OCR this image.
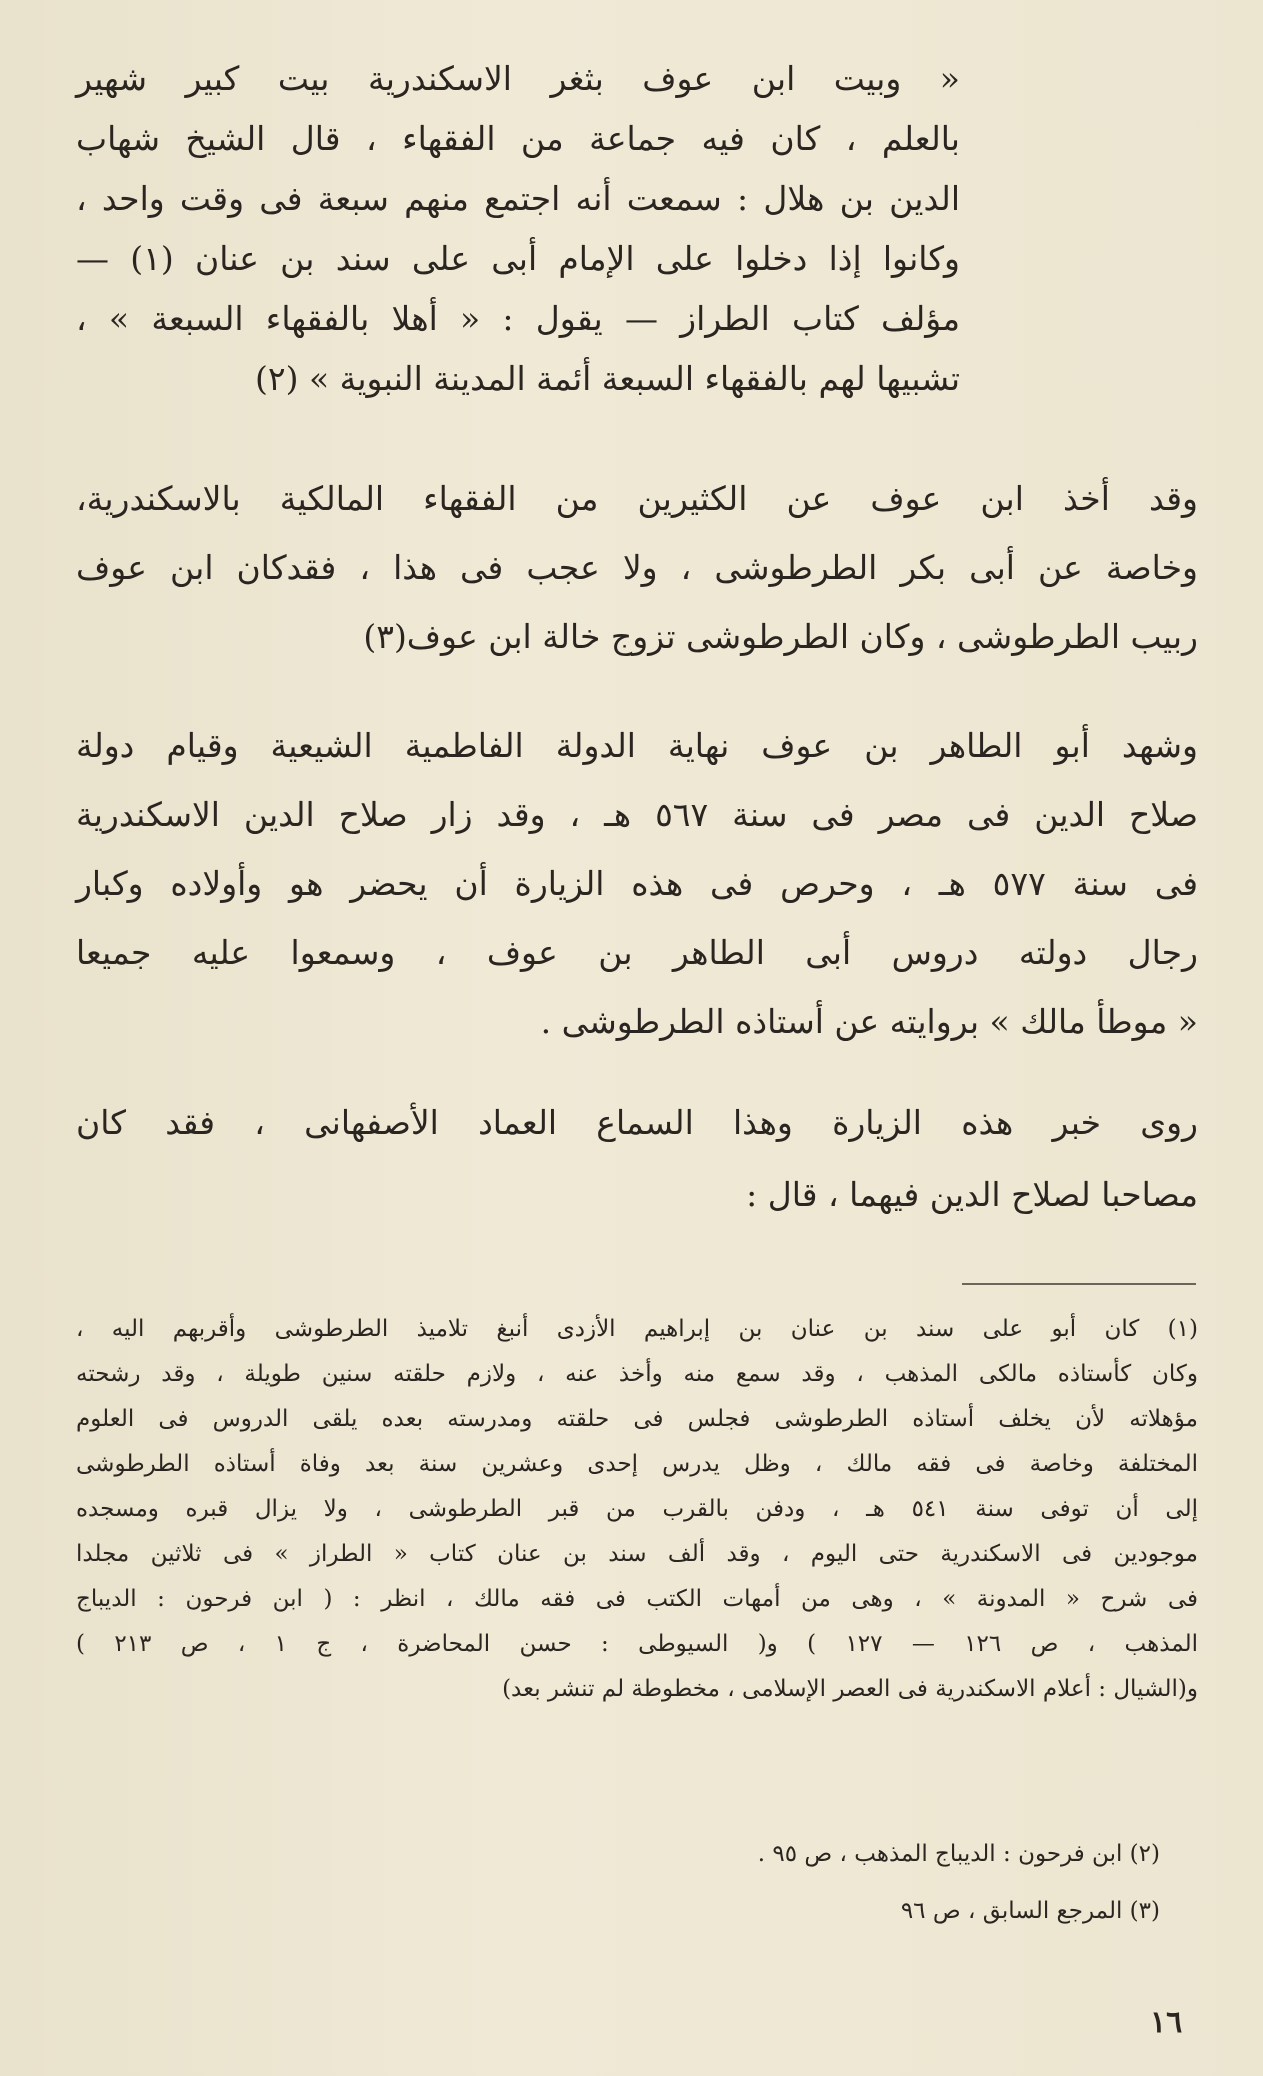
« وبيت ابن عوف بثغر الاسكندرية بيت كبير شهير
بالعلم ، كان فيه جماعة من الفقهاء ، قال الشيخ شهاب
الدين بن هلال : سمعت أنه اجتمع منهم سبعة فى وقت واحد ،
وكانوا إذا دخلوا على الإمام أبى على سند بن عنان (١) —
مؤلف كتاب الطراز — يقول : « أهلا بالفقهاء السبعة » ،
تشبيها لهم بالفقهاء السبعة أئمة المدينة النبوية » (٢)
وقد أخذ ابن عوف عن الكثيرين من الفقهاء المالكية بالاسكندرية،
وخاصة عن أبى بكر الطرطوشى ، ولا عجب فى هذا ، فقدكان ابن عوف
ربيب الطرطوشى ، وكان الطرطوشى تزوج خالة ابن عوف(٣)
وشهد أبو الطاهر بن عوف نهاية الدولة الفاطمية الشيعية وقيام دولة
صلاح الدين فى مصر فى سنة ٥٦٧ هـ ، وقد زار صلاح الدين الاسكندرية
فى سنة ٥٧٧ هـ ، وحرص فى هذه الزيارة أن يحضر هو وأولاده وكبار
رجال دولته دروس أبى الطاهر بن عوف ، وسمعوا عليه جميعا
« موطأ مالك » بروايته عن أستاذه الطرطوشى .
روى خبر هذه الزيارة وهذا السماع العماد الأصفهانى ، فقد كان
مصاحبا لصلاح الدين فيهما ، قال :
(١) كان أبو على سند بن عنان بن إبراهيم الأزدى أنبغ تلاميذ الطرطوشى وأقربهم اليه ،
وكان كأستاذه مالكى المذهب ، وقد سمع منه وأخذ عنه ، ولازم حلقته سنين طويلة ، وقد رشحته
مؤهلاته لأن يخلف أستاذه الطرطوشى فجلس فى حلقته ومدرسته بعده يلقى الدروس فى العلوم
المختلفة وخاصة فى فقه مالك ، وظل يدرس إحدى وعشرين سنة بعد وفاة أستاذه الطرطوشى
إلى أن توفى سنة ٥٤١ هـ ، ودفن بالقرب من قبر الطرطوشى ، ولا يزال قبره ومسجده
موجودين فى الاسكندرية حتى اليوم ، وقد ألف سند بن عنان كتاب « الطراز » فى ثلاثين مجلدا
فى شرح « المدونة » ، وهى من أمهات الكتب فى فقه مالك ، انظر : ( ابن فرحون : الديباج
المذهب ، ص ١٢٦ — ١٢٧ ) و( السيوطى : حسن المحاضرة ، ج ١ ، ص ٢١٣ )
و(الشيال : أعلام الاسكندرية فى العصر الإسلامى ، مخطوطة لم تنشر بعد)
(٢) ابن فرحون : الديباج المذهب ، ص ٩٥ .
(٣) المرجع السابق ، ص ٩٦
١٦
